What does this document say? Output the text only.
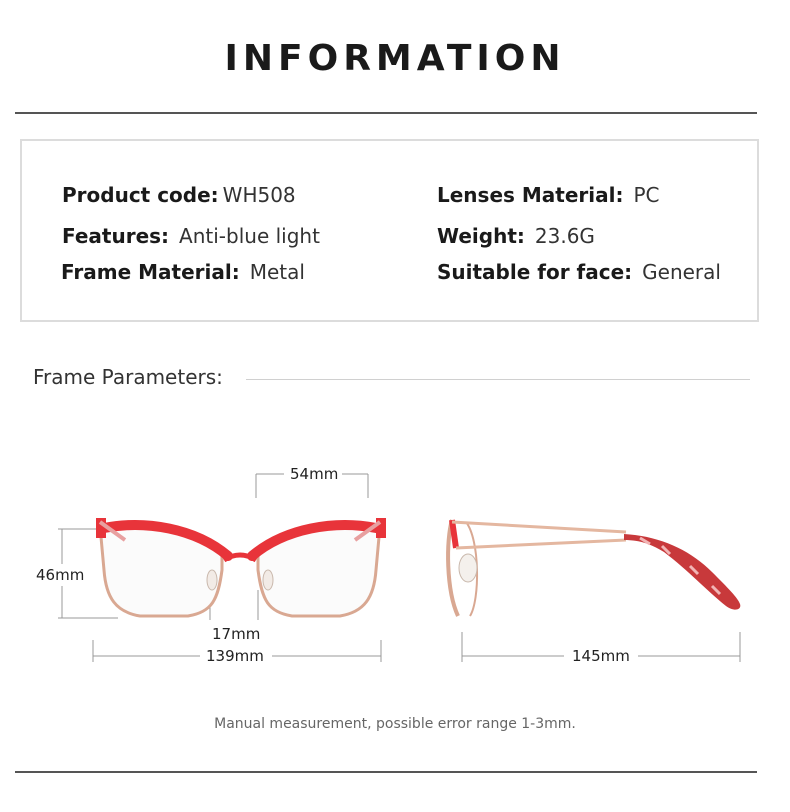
INFORMATION
Product code: WH508
Features: Anti-blue light
Frame Material: Metal
Lenses Material: PC
Weight: 23.6G
Suitable for face: General
Frame Parameters:
54mm
46mm
17mm
139mm	145mm
Manual measurement, possible error range 1-3mm.
